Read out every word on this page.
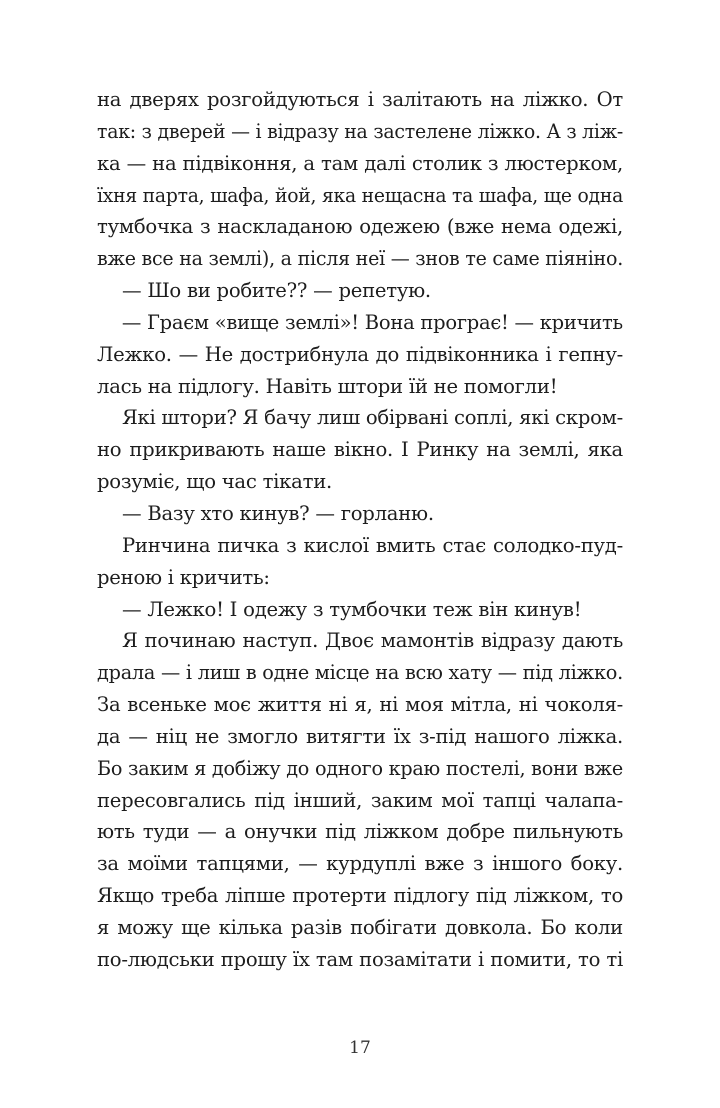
на дверях розгойдуються і залітають на ліжко. От
так: з дверей — і відразу на застелене ліжко. А з ліж-
ка — на підвіконня, а там далі столик з люстерком,
їхня парта, шафа, йой, яка нещасна та шафа, ще одна
тумбочка з наскладаною одежею (вже нема одежі,
вже все на землі), а після неї — знов те саме піяніно.
— Шо ви робите?? — репетую.
— Граєм «вище землі»! Вона програє! — кричить
Лежко. — Не дострибнула до підвіконника і гепну-
лась на підлогу. Навіть штори їй не помогли!
Які штори? Я бачу лиш обірвані соплі, які скром-
но прикривають наше вікно. І Ринку на землі, яка
розуміє, що час тікати.
— Вазу хто кинув? — горланю.
Ринчина пичка з кислої вмить стає солодко-пуд-
реною і кричить:
— Лежко! І одежу з тумбочки теж він кинув!
Я починаю наступ. Двоє мамонтів відразу дають
драла — і лиш в одне місце на всю хату — під ліжко.
За всеньке моє життя ні я, ні моя мітла, ні чоколя-
да — ніц не змогло витягти їх з-під нашого ліжка.
Бо заким я добіжу до одного краю постелі, вони вже
пересовгались під інший, заким мої тапці чалапа-
ють туди — а онучки під ліжком добре пильнують
за моїми тапцями, — курдуплі вже з іншого боку.
Якщо треба ліпше протерти підлогу під ліжком, то
я можу ще кілька разів побігати довкола. Бо коли
по-людськи прошу їх там позамітати і помити, то ті
17
